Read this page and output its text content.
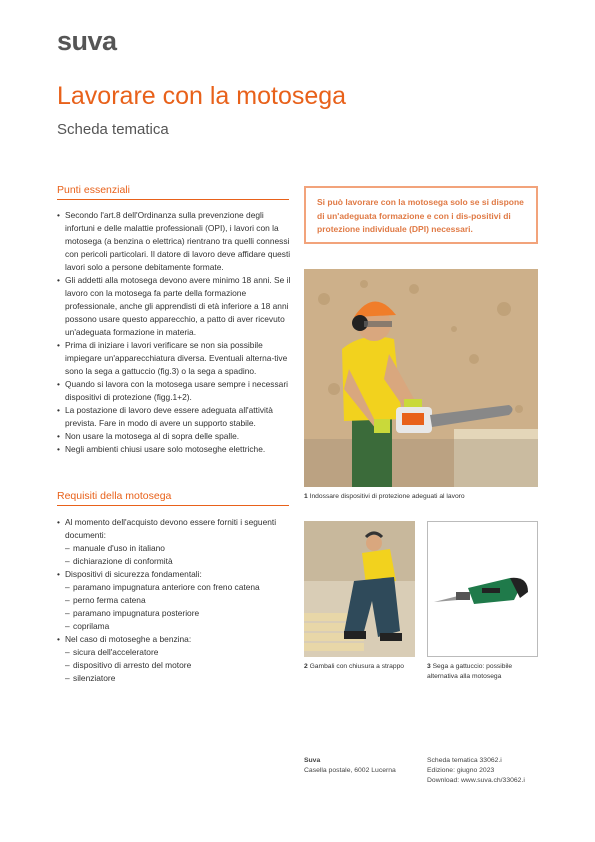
suva
Lavorare con la motosega
Scheda tematica
Punti essenziali
• Secondo l'art.8 dell'Ordinanza sulla prevenzione degli infortuni e delle malattie professionali (OPI), i lavori con la motosega (a benzina o elettrica) rientrano tra quelli connessi con pericoli particolari. Il datore di lavoro deve affidare questi lavori solo a persone debitamente formate.
• Gli addetti alla motosega devono avere minimo 18 anni. Se il lavoro con la motosega fa parte della formazione professionale, anche gli apprendisti di età inferiore a 18 anni possono usare questo apparecchio, a patto di aver ricevuto un'adeguata formazione in materia.
• Prima di iniziare i lavori verificare se non sia possibile impiegare un'apparecchiatura diversa. Eventuali alterna-tive sono la sega a gattuccio (fig.3) o la sega a spadino.
• Quando si lavora con la motosega usare sempre i necessari dispositivi di protezione (figg.1+2).
• La postazione di lavoro deve essere adeguata all'attività prevista. Fare in modo di avere un supporto stabile.
• Non usare la motosega al di sopra delle spalle.
• Negli ambienti chiusi usare solo motoseghe elettriche.
Requisiti della motosega
• Al momento dell'acquisto devono essere forniti i seguenti documenti:
– manuale d'uso in italiano
– dichiarazione di conformità
• Dispositivi di sicurezza fondamentali:
– paramano impugnatura anteriore con freno catena
– perno ferma catena
– paramano impugnatura posteriore
– coprilama
• Nel caso di motoseghe a benzina:
– sicura dell'acceleratore
– dispositivo di arresto del motore
– silenziatore
Si può lavorare con la motosega solo se si dispone di un'adeguata formazione e con i dis-positivi di protezione individuale (DPI) necessari.
1 Indossare dispositivi di protezione adeguati al lavoro
2 Gambali con chiusura a strappo	3 Sega a gattuccio: possibile alternativa alla motosega
Suva
Casella postale, 6002 Lucerna
Scheda tematica 33062.i
Edizione: giugno 2023
Download: www.suva.ch/33062.i
